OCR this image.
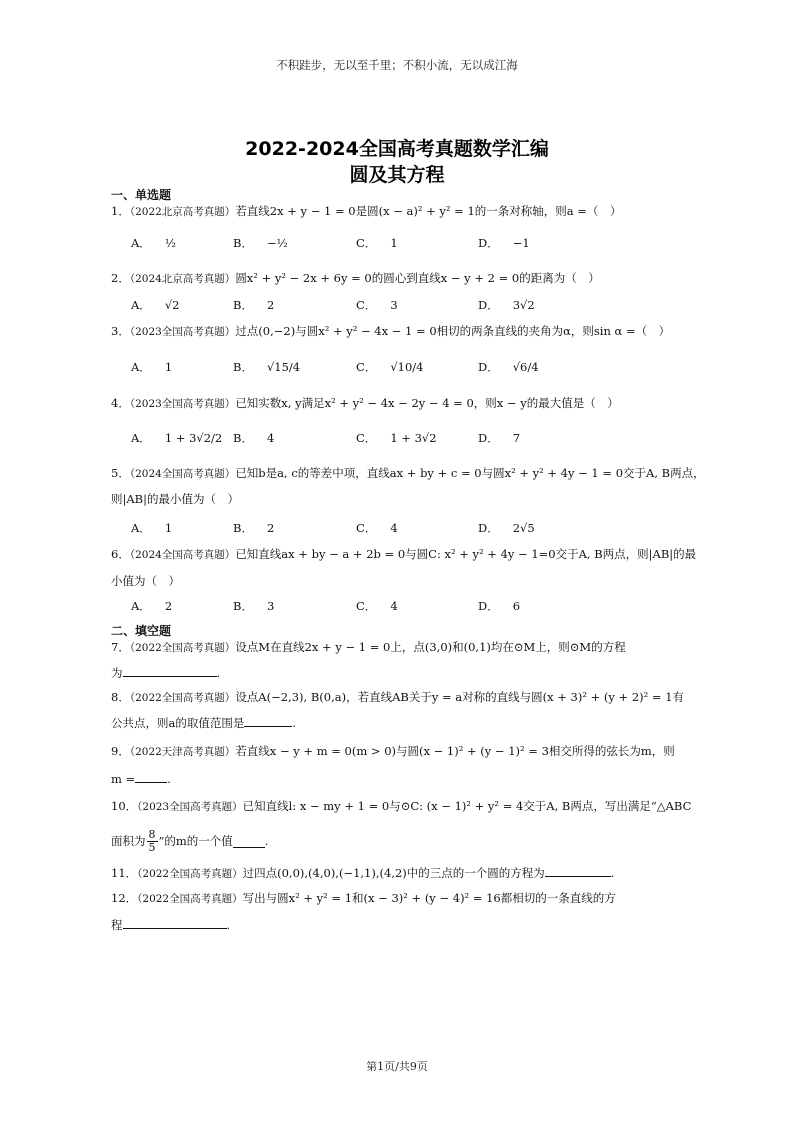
不积跬步，无以至千里；不积小流，无以成江海
2022-2024全国高考真题数学汇编
圆及其方程
一、单选题
1．（2022北京高考真题）若直线2x + y − 1 = 0是圆(x − a)² + y² = 1的一条对称轴，则a =（　）
A． ½	B． −½	C． 1	D． −1
2．（2024北京高考真题）圆x² + y² − 2x + 6y = 0的圆心到直线x − y + 2 = 0的距离为（　）
A． √2	B． 2	C． 3	D． 3√2
3．（2023全国高考真题）过点(0,−2)与圆x² + y² − 4x − 1 = 0相切的两条直线的夹角为α，则sin α =（　）
A． 1	B． √15/4	C． √10/4	D． √6/4
4．（2023全国高考真题）已知实数x, y满足x² + y² − 4x − 2y − 4 = 0，则x − y的最大值是（　）
A． 1 + 3√2/2 B． 4	C． 1 + 3√2	D． 7
5．（2024全国高考真题）已知b是a, c的等差中项，直线ax + by + c = 0与圆x² + y² + 4y − 1 = 0交于A, B两点，
则|AB|的最小值为（　）
A． 1	B． 2	C． 4	D． 2√5
6．（2024全国高考真题）已知直线ax + by − a + 2b = 0与圆C: x² + y² + 4y − 1=0交于A, B两点，则|AB|的最
小值为（　）
A． 2	B． 3	C． 4	D． 6
二、填空题
7．（2022全国高考真题）设点M在直线2x + y − 1 = 0上，点(3,0)和(0,1)均在⊙M上，则⊙M的方程
为	.
8．（2022全国高考真题）设点A(−2,3), B(0,a)，若直线AB关于y = a对称的直线与圆(x + 3)² + (y + 2)² = 1有
公共点，则a的取值范围是	.
9．（2022天津高考真题）若直线x − y + m = 0(m > 0)与圆(x − 1)² + (y − 1)² = 3相交所得的弦长为m，则
m =	.
10．（2023全国高考真题）已知直线l: x − my + 1 = 0与⊙C: (x − 1)² + y² = 4交于A, B两点，写出满足“△ABC
面积为 $\frac{8}{5}$ ”的m的一个值	.
11．（2022全国高考真题）过四点(0,0),(4,0),(−1,1),(4,2)中的三点的一个圆的方程为	.
12．（2022全国高考真题）写出与圆x² + y² = 1和(x − 3)² + (y − 4)² = 16都相切的一条直线的方
程	.
第1页/共9页
